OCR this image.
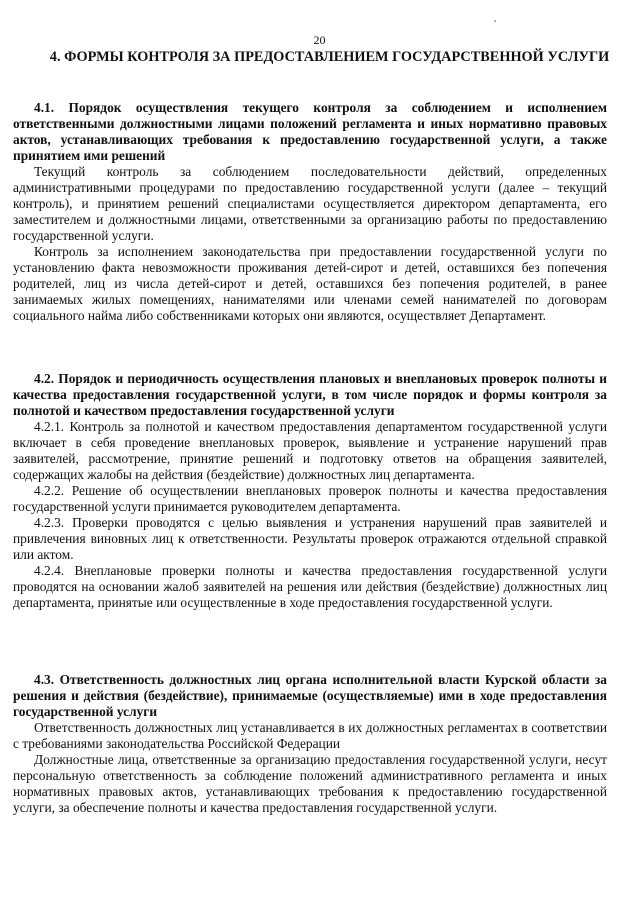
20
4. ФОРМЫ КОНТРОЛЯ ЗА ПРЕДОСТАВЛЕНИЕМ ГОСУДАРСТВЕННОЙ УСЛУГИ
4.1. Порядок осуществления текущего контроля за соблюдением и исполнением ответственными должностными лицами положений регламента и иных нормативно правовых актов, устанавливающих требования к предоставлению государственной услуги, а также принятием ими решений

Текущий контроль за соблюдением последовательности действий, определенных административными процедурами по предоставлению государственной услуги (далее – текущий контроль), и принятием решений специалистами осуществляется директором департамента, его заместителем и должностными лицами, ответственными за организацию работы по предоставлению государственной услуги.

Контроль за исполнением законодательства при предоставлении государственной услуги по установлению факта невозможности проживания детей-сирот и детей, оставшихся без попечения родителей, лиц из числа детей-сирот и детей, оставшихся без попечения родителей, в ранее занимаемых жилых помещениях, нанимателями или членами семей нанимателей по договорам социального найма либо собственниками которых они являются, осуществляет Департамент.

4.2. Порядок и периодичность осуществления плановых и внеплановых проверок полноты и качества предоставления государственной услуги, в том числе порядок и формы контроля за полнотой и качеством предоставления государственной услуги

4.2.1. Контроль за полнотой и качеством предоставления департаментом государственной услуги включает в себя проведение внеплановых проверок, выявление и устранение нарушений прав заявителей, рассмотрение, принятие решений и подготовку ответов на обращения заявителей, содержащих жалобы на действия (бездействие) должностных лиц департамента.

4.2.2. Решение об осуществлении внеплановых проверок полноты и качества предоставления государственной услуги принимается руководителем департамента.

4.2.3. Проверки проводятся с целью выявления и устранения нарушений прав заявителей и привлечения виновных лиц к ответственности. Результаты проверок отражаются отдельной справкой или актом.

4.2.4. Внеплановые проверки полноты и качества предоставления государственной услуги проводятся на основании жалоб заявителей на решения или действия (бездействие) должностных лиц департамента, принятые или осуществленные в ходе предоставления государственной услуги.

4.3. Ответственность должностных лиц органа исполнительной власти Курской области за решения и действия (бездействие), принимаемые (осуществляемые) ими в ходе предоставления государственной услуги

Ответственность должностных лиц устанавливается в их должностных регламентах в соответствии с требованиями законодательства Российской Федерации

Должностные лица, ответственные за организацию предоставления государственной услуги, несут персональную ответственность за соблюдение положений административного регламента и иных нормативных правовых актов, устанавливающих требования к предоставлению государственной услуги, за обеспечение полноты и качества предоставления государственной услуги.
